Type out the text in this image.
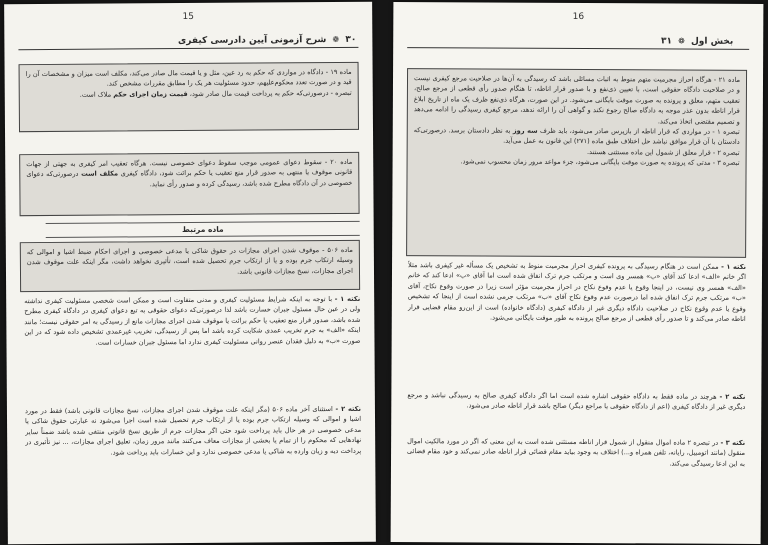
15
۳۰ ❁ شرح آزمونی آیین دادرسی کیفری
ماده ۱۹ - دادگاه در مواردی که حکم به رد عین، مثل و یا قیمت مال صادر می‌کند، مکلف است میزان و مشخصات آن را قید و در صورت تعدد محکوم‌علیهم، حدود مسئولیت هر یک را مطابق مقررات مشخص کند.
تبصره - درصورتی‌که حکم به پرداخت قیمت مال صادر شود، قیمت زمان اجرای حکم ملاک است.
ماده ۲۰ - سقوط دعوای عمومی موجب سقوط دعوای خصوصی نیست. هرگاه تعقیب امر کیفری به جهتی از جهات قانونی موقوف یا منتهی به صدور قرار منع تعقیب یا حکم برائت شود، دادگاه کیفری مکلف است درصورتی‌که دعوای خصوصی در آن دادگاه مطرح شده باشد، رسیدگی کرده و صدور رأی نماید.
ماده مرتبط
ماده ۵۰۶ - موقوف شدن اجرای مجازات در حقوق شاکی یا مدعی خصوصی و اجرای احکام ضبط اشیا و اموالی که وسیله ارتکاب جرم بوده و یا از ارتکاب جرم تحصیل شده است، تأثیری نخواهد داشت، مگر اینکه علت موقوف شدن اجرای مجازات، نسخ مجازات قانونی باشد.
نکته ۱ - با توجه به اینکه شرایط مسئولیت کیفری و مدنی متفاوت است و ممکن است شخصی مسئولیت کیفری نداشته ولی در عین حال مسئول جبران خسارت باشد لذا درصورتی‌که دعوای حقوقی به تبع دعوای کیفری در دادگاه کیفری مطرح شده باشد، صدور قرار منع تعقیب یا حکم برائت یا موقوف شدن اجرای مجازات مانع از رسیدگی به امر حقوقی نیست؛ مانند اینکه «الف» به جرم تخریب عمدی شکایت کرده باشد اما پس از رسیدگی، تخریب غیرعمدی تشخیص داده شود که در این صورت «ب» به دلیل فقدان عنصر روانی مسئولیت کیفری ندارد اما مسئول جبران خسارات است.
نکته ۲ - استثنای آخر ماده ۵۰۶ (مگر اینکه علت موقوف شدن اجرای مجازات، نسخ مجازات قانونی باشد) فقط در مورد اشیا و اموالی که وسیله ارتکاب جرم بوده یا از ارتکاب جرم تحصیل شده است اجرا می‌شود نه عبارتی حقوق شاکی یا مدعی خصوصی در هر حال باید پرداخت شود حتی اگر مجازات جرم از طریق نسخ قانونی منتفی شده باشد ضمناً سایر نهادهایی که محکوم را از تمام یا بخشی از مجازات معاف می‌کنند مانند مرور زمان، تعلیق اجرای مجازات، ... نیز تأثیری در پرداخت دیه و زیان وارده به شاکی یا مدعی خصوصی ندارد و این خسارات باید پرداخت شود.
16
بخش اول ❁ ۳۱
ماده ۲۱ - هرگاه احراز مجرمیت متهم منوط به اثبات مسائلی باشد که رسیدگی به آن‌ها در صلاحیت مرجع کیفری نیست و در صلاحیت دادگاه حقوقی است، با تعیین ذی‌نفع و با صدور قرار اناطه، تا هنگام صدور رأی قطعی از مرجع صالح، تعقیب متهم، معلق و پرونده به صورت موقت بایگانی می‌شود. در این صورت، هرگاه ذی‌نفع ظرف یک ماه از تاریخ ابلاغ قرار اناطه بدون عذر موجه به دادگاه صالح رجوع نکند و گواهی آن را ارائه ندهد، مرجع کیفری رسیدگی را ادامه می‌دهد و تصمیم مقتضی اتخاذ می‌کند.
تبصره ۱ - در مواردی که قرار اناطه از بازپرس صادر می‌شود، باید ظرف سه روز به نظر دادستان برسد. درصورتی‌که دادستان با آن قرار موافق نباشد حل اختلاف طبق ماده (۲۷۱) این قانون به عمل می‌آید.
تبصره ۲ - قرار معلق از شمول این ماده مستثنی هستند.
تبصره ۳ - مدتی که پرونده به صورت موقت بایگانی می‌شود، جزء مواعد مرور زمان محسوب نمی‌شود.
نکته ۱ - ممکن است در هنگام رسیدگی به پرونده کیفری احراز مجرمیت منوط به تشخیص یک مسأله غیر کیفری باشد مثلاً اگر خانم «الف» ادعا کند آقای «ب» همسر وی است و مرتکب جرم ترک انفاق شده است اما آقای «ب» ادعا کند که خانم «الف» همسر وی نیست، در اینجا وقوع یا عدم وقوع نکاح در احراز مجرمیت مؤثر است زیرا در صورت وقوع نکاح، آقای «ب» مرتکب جرم ترک انفاق شده اما درصورت عدم وقوع نکاح آقای «ب» مرتکب جرمی نشده است از اینجا که تشخیص وقوع یا عدم وقوع نکاح در صلاحیت دادگاه دیگری غیر از دادگاه کیفری (دادگاه خانواده) است از این‌رو مقام قضایی قرار اناطه صادر می‌کند و تا صدور رأی قطعی از مرجع صالح پرونده به طور موقت بایگانی می‌شود.
نکته ۲ - هرچند در ماده فقط به دادگاه حقوقی اشاره شده است اما اگر دادگاه کیفری صالح به رسیدگی نباشد و مرجع دیگری غیر از دادگاه کیفری (اعم از دادگاه حقوقی یا مراجع دیگر) صالح باشد قرار اناطه صادر می‌شود.
نکته ۳ - در تبصره ۲ ماده اموال منقول از شمول قرار اناطه مستثنی شده است به این معنی که اگر در مورد مالکیت اموال منقول (مانند اتومبیل، رایانه، تلفن همراه و...) اختلاف به وجود بیاید مقام قضائی قرار اناطه صادر نمی‌کند و خود مقام قضائی به این ادعا رسیدگی می‌کند.
